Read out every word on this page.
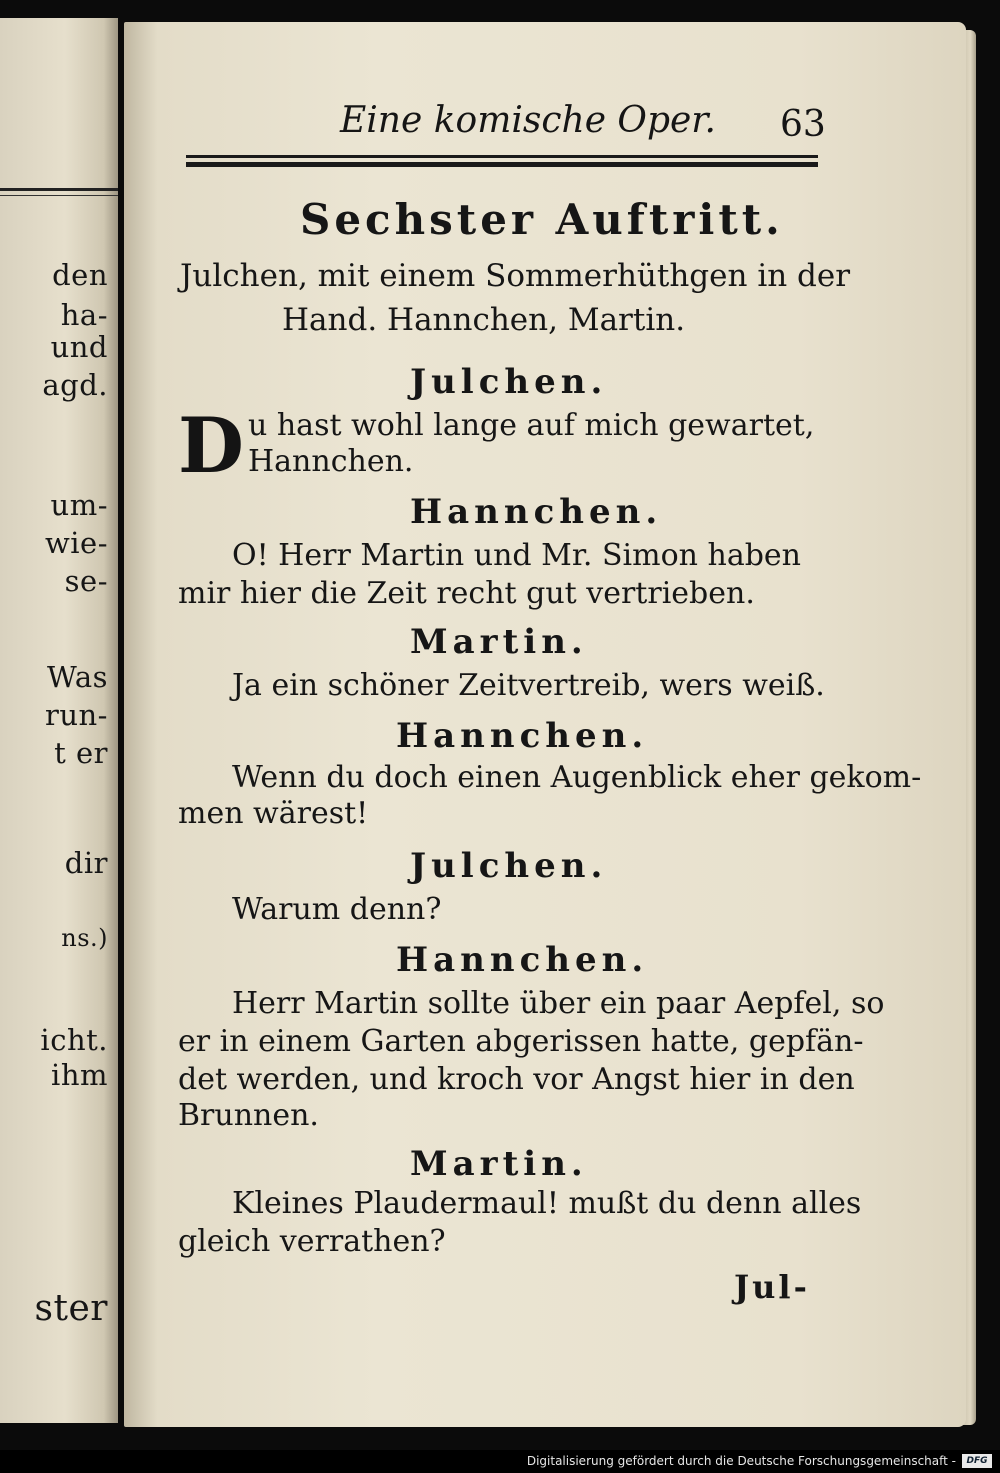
den
ha-
und
agd.
um-
wie-
se-
Was
run-
t er
dir
ns.)
icht.
ihm
ster
Eine komische Oper. 63
Sechster Auftritt.
Julchen, mit einem Sommerhüthgen in der
Hand. Hannchen, Martin.
Julchen.
D u hast wohl lange auf mich gewartet,
Hannchen.
Hannchen.
O! Herr Martin und Mr. Simon haben
mir hier die Zeit recht gut vertrieben.
Martin.
Ja ein schöner Zeitvertreib, wers weiß.
Hannchen.
Wenn du doch einen Augenblick eher gekom-
men wärest!
Julchen.
Warum denn?
Hannchen.
Herr Martin sollte über ein paar Aepfel, so
er in einem Garten abgerissen hatte, gepfän-
det werden, und kroch vor Angst hier in den
Brunnen.
Martin.
Kleines Plaudermaul! mußt du denn alles
gleich verrathen?
Jul-
Digitalisierung gefördert durch die Deutsche Forschungsgemeinschaft -	DFG
